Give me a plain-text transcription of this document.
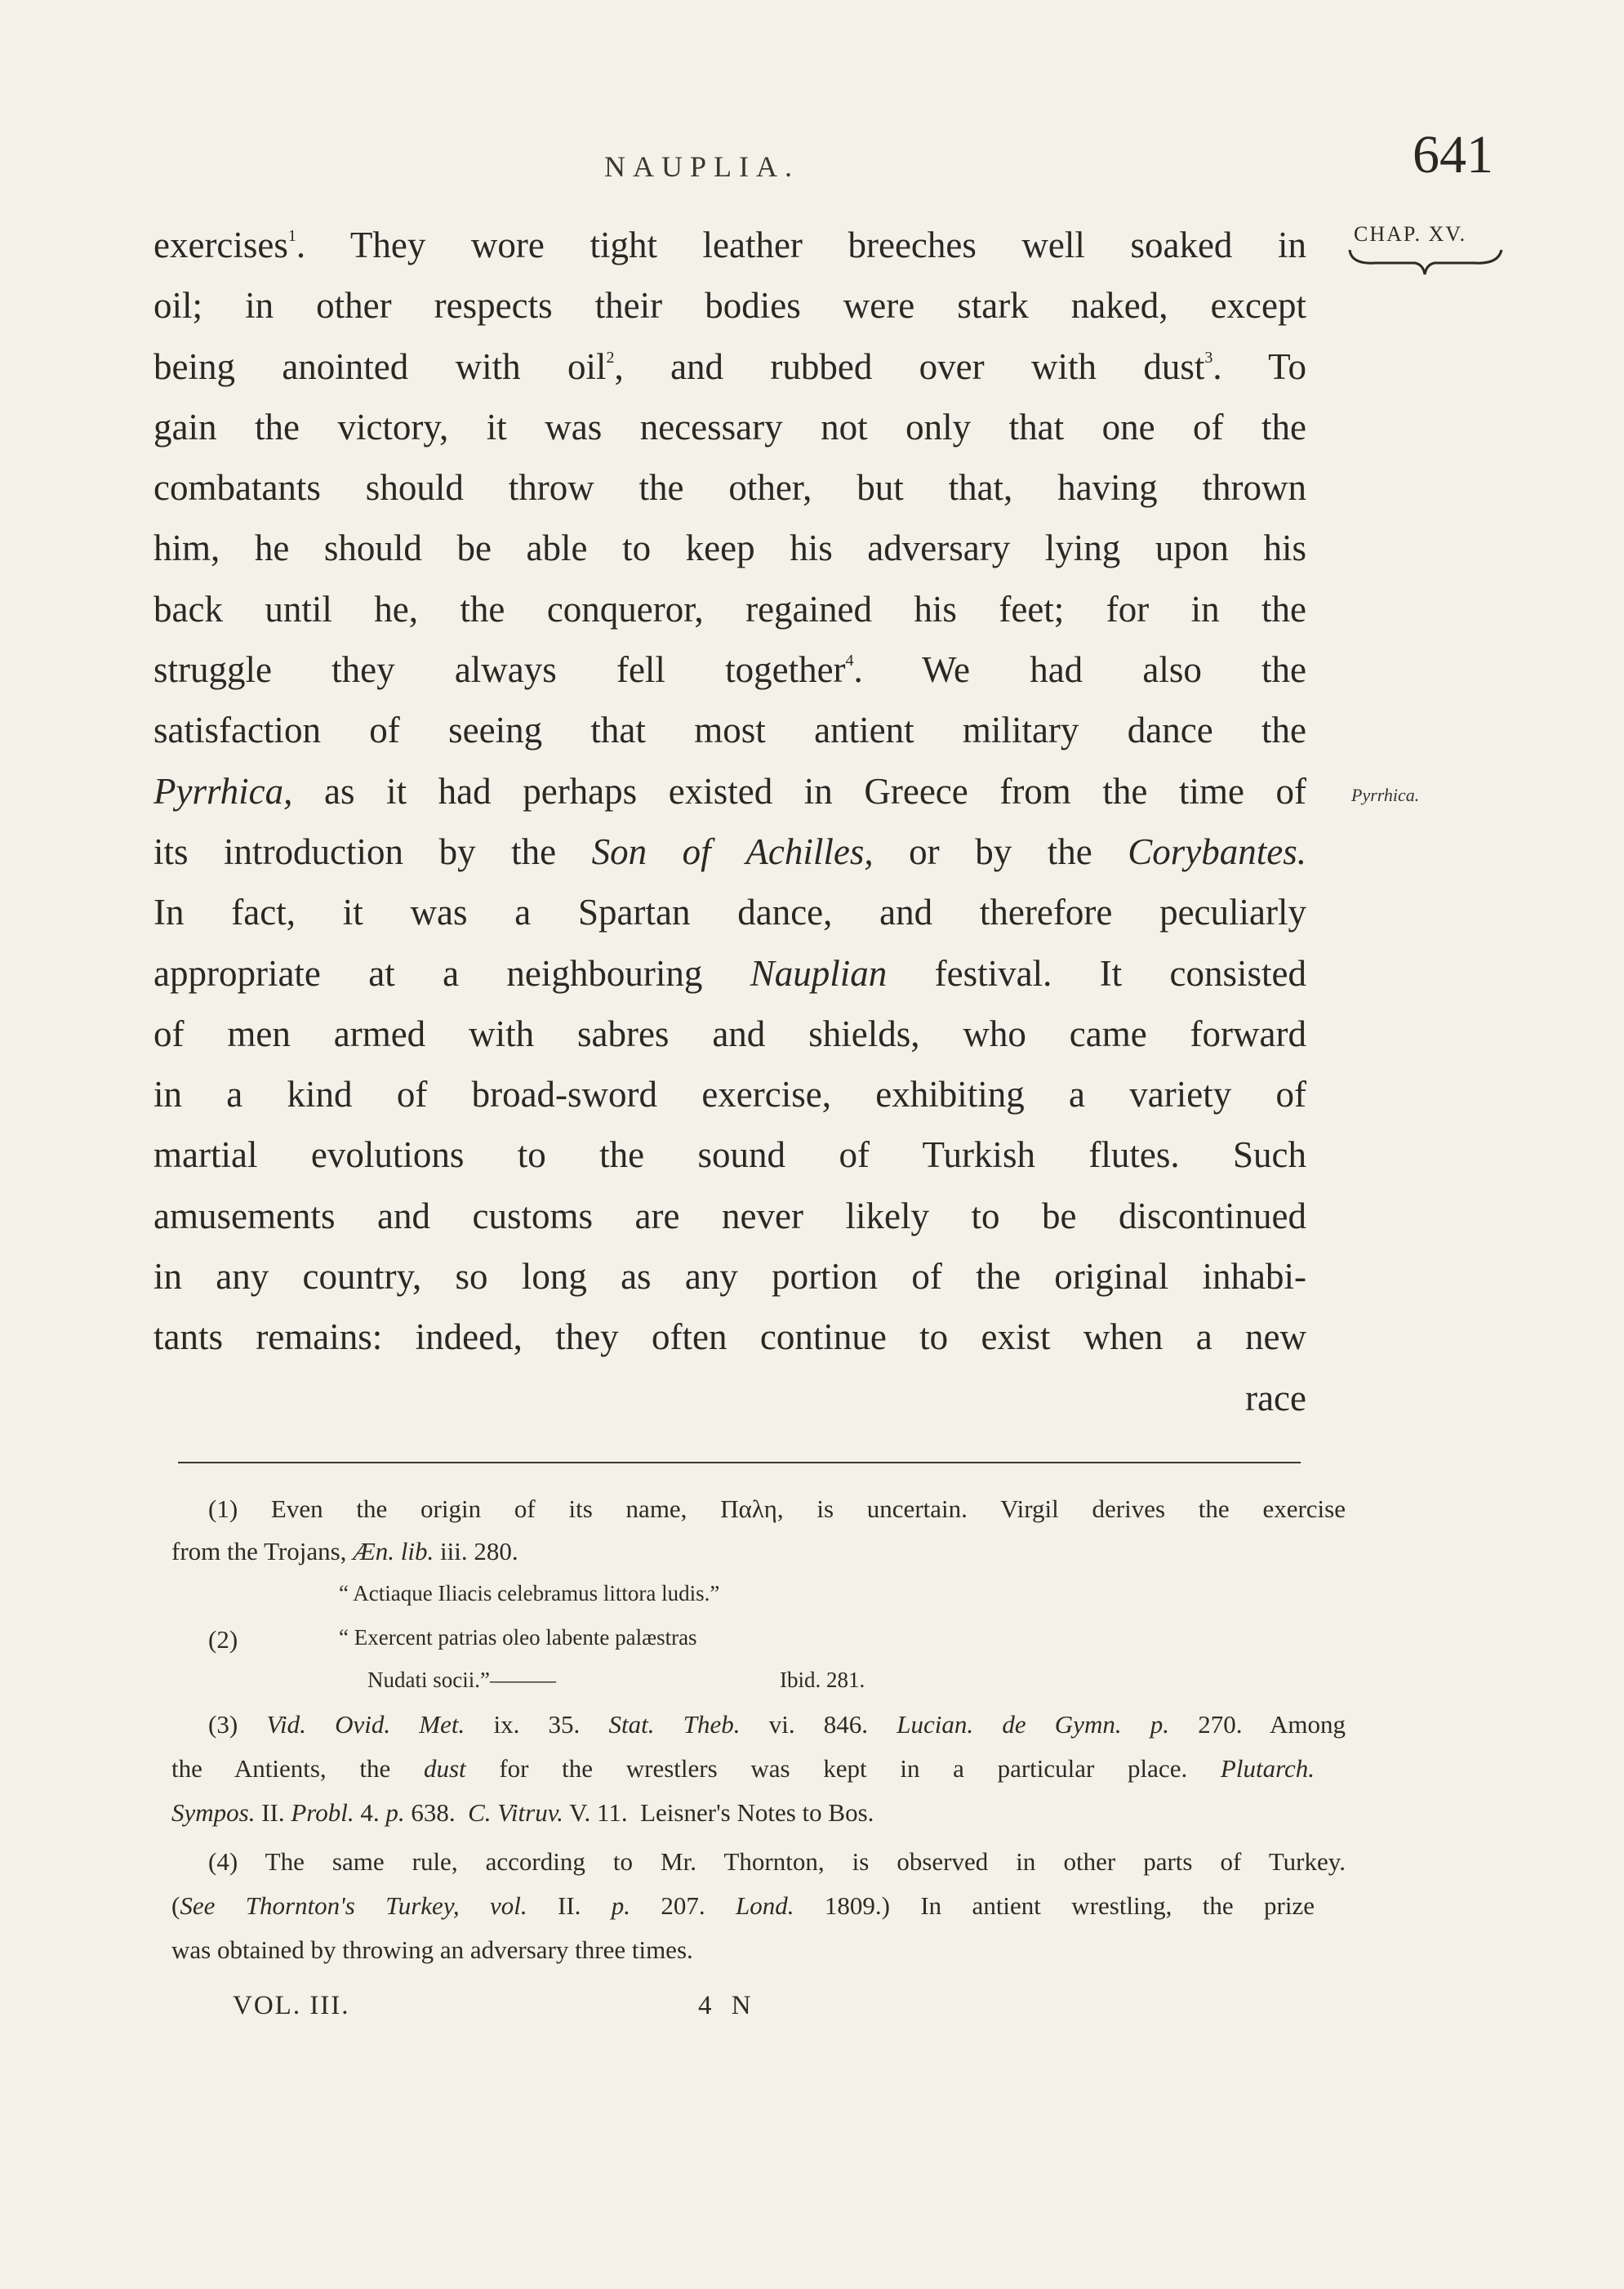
NAUPLIA.	641
CHAP. XV.
Pyrrhica.
exercises$^1$. They wore tight leather breeches well soaked in
oil; in other respects their bodies were stark naked, except
being anointed with oil$^2$, and rubbed over with dust$^3$. To
gain the victory, it was necessary not only that one of the
combatants should throw the other, but that, having thrown
him, he should be able to keep his adversary lying upon his
back until he, the conqueror, regained his feet; for in the
struggle they always fell together$^4$. We had also the
satisfaction of seeing that most antient military dance the
Pyrrhica, as it had perhaps existed in Greece from the time of
its introduction by the Son of Achilles, or by the Corybantes.
In fact, it was a Spartan dance, and therefore peculiarly
appropriate at a neighbouring Nauplian festival. It consisted
of men armed with sabres and shields, who came forward
in a kind of broad-sword exercise, exhibiting a variety of
martial evolutions to the sound of Turkish flutes. Such
amusements and customs are never likely to be discontinued
in any country, so long as any portion of the original inhabi-
tants remains: indeed, they often continue to exist when a new
race
(1) Even the origin of its name, Παλη, is uncertain. Virgil derives the exercise
from the Trojans, Æn. lib. iii. 280.
“ Actiaque Iliacis celebramus littora ludis.”
(2)	“ Exercent patrias oleo labente palæstras
Nudati socii.”———	Ibid. 281.
(3) Vid. Ovid. Met. ix. 35. Stat. Theb. vi. 846. Lucian. de Gymn. p. 270. Among
the Antients, the dust for the wrestlers was kept in a particular place. Plutarch.
Sympos. II. Probl. 4. p. 638. C. Vitruv. V. 11. Leisner's Notes to Bos.
(4) The same rule, according to Mr. Thornton, is observed in other parts of Turkey.
(See Thornton's Turkey, vol. II. p. 207. Lond. 1809.) In antient wrestling, the prize
was obtained by throwing an adversary three times.
VOL. III.	4 N
